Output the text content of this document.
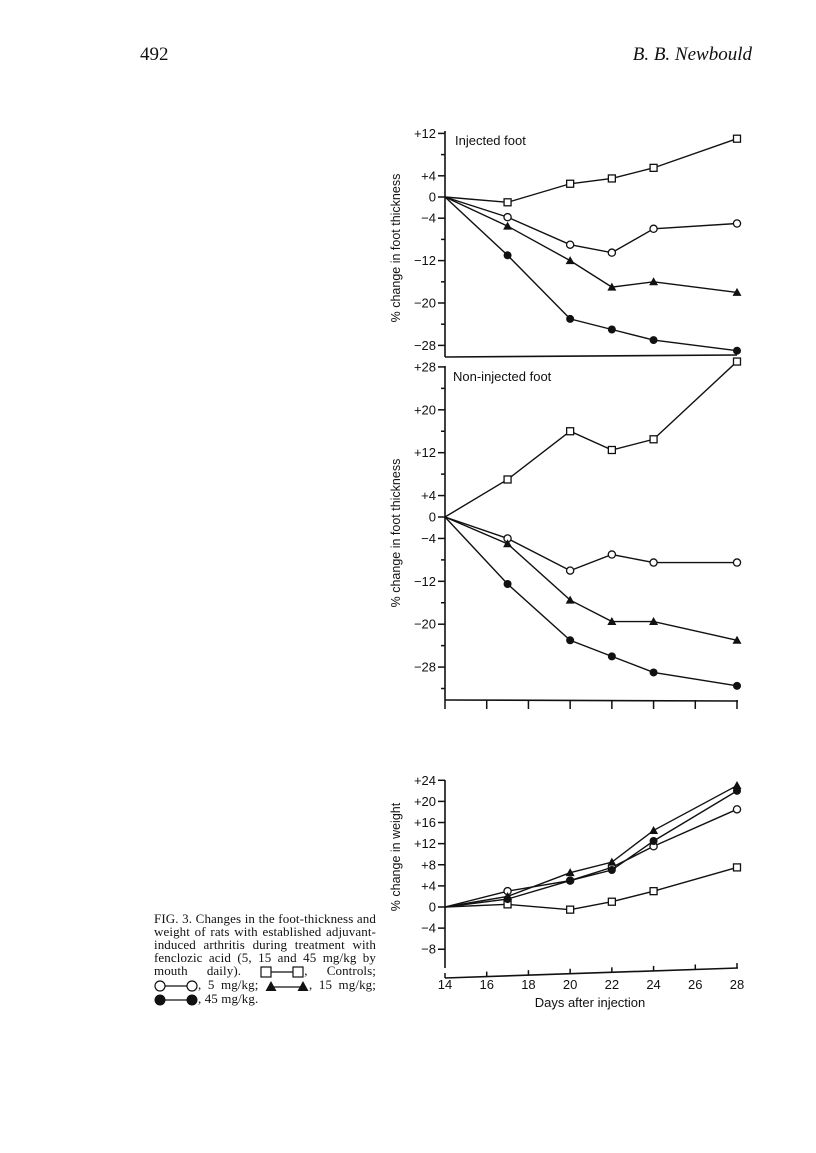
492	B. B. Newbould
+12
+4
0
−4
−12
−20
−28
% change in foot thickness
Injected foot
+28
+20
+12
+4
0
−4
−12
−20
−28
% change in foot thickness
Non-injected foot
+24
+20
+16
+12
+8
+4
0
−4
−8
% change in weight
14 16 18 20 22 24 26 28
Days after injection
FIG. 3. Changes in the foot-thickness and weight of rats with established adjuvant-induced arthritis during treatment with fenclozic acid (5, 15 and 45 mg/kg by mouth daily).	, Controls; , 5 mg/kg;	, 15 mg/kg; , 45 mg/kg.
